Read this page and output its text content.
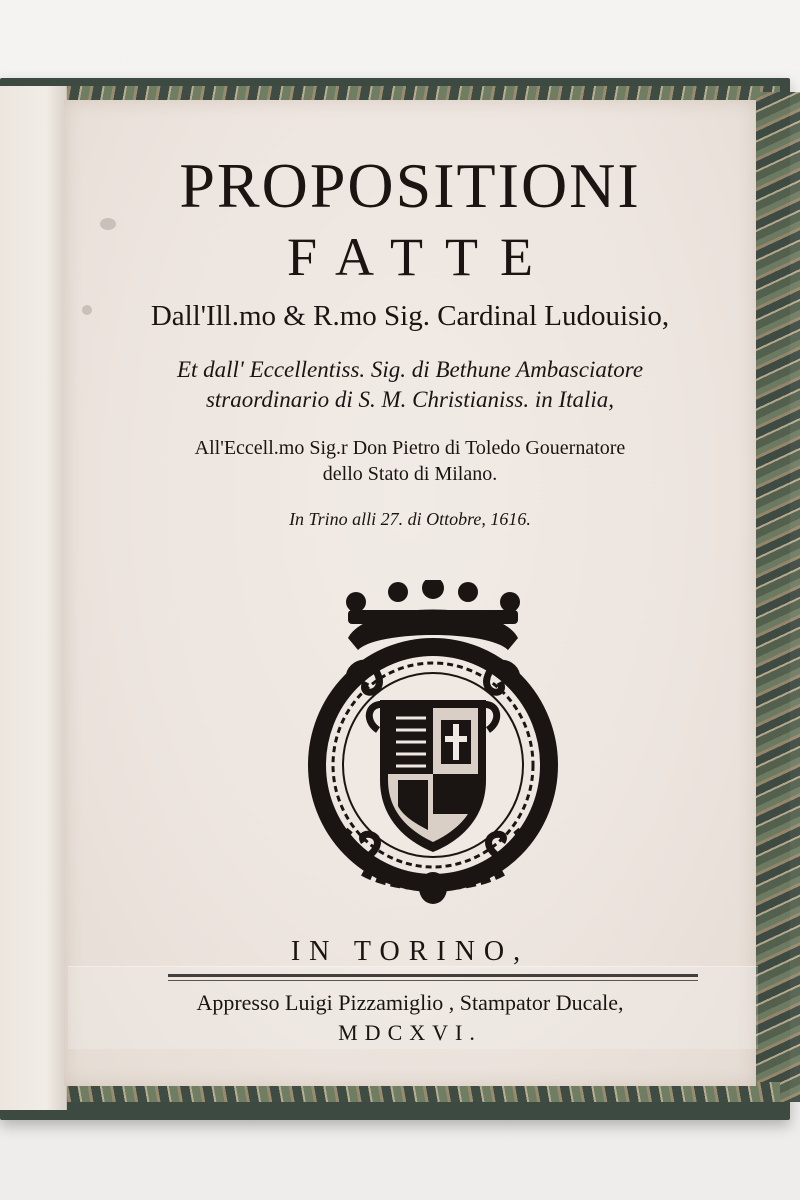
PROPOSITIONI
FATTE
Dall'Ill.mo & R.mo Sig. Cardinal Ludouisio,
Et dall' Eccellentiss. Sig. di Bethune Ambasciatore
straordinario di S. M. Christianiss. in Italia,
All'Eccell.mo Sig.r Don Pietro di Toledo Gouernatore
dello Stato di Milano.
In Trino alli 27. di Ottobre, 1616.
IN TORINO,
Appresso Luigi Pizzamiglio , Stampator Ducale,
MDCXVI.
